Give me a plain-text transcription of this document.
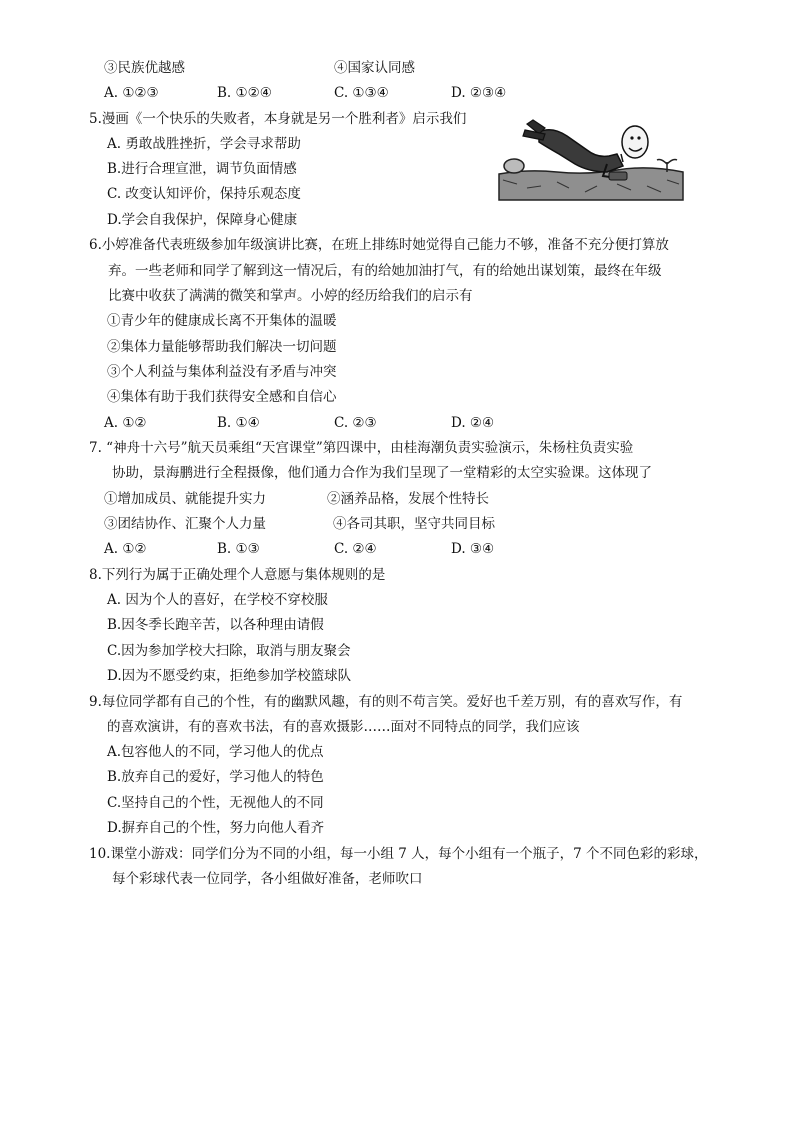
③民族优越感	④国家认同感
A. ①②③	B. ①②④	C. ①③④	D. ②③④
5.漫画《一个快乐的失败者，本身就是另一个胜利者》启示我们
A. 勇敢战胜挫折，学会寻求帮助
B.进行合理宣泄，调节负面情感
C. 改变认知评价，保持乐观态度
D.学会自我保护，保障身心健康
6.小婷准备代表班级参加年级演讲比赛，在班上排练时她觉得自己能力不够，准备不充分便打算放
弃。一些老师和同学了解到这一情况后，有的给她加油打气，有的给她出谋划策，最终在年级
比赛中收获了满满的微笑和掌声。小婷的经历给我们的启示有
①青少年的健康成长离不开集体的温暖
②集体力量能够帮助我们解决一切问题
③个人利益与集体利益没有矛盾与冲突
④集体有助于我们获得安全感和自信心
A. ①②	B. ①④	C. ②③	D. ②④
7. “神舟十六号”航天员乘组“天宫课堂”第四课中，由桂海潮负责实验演示，朱杨柱负责实验
协助，景海鹏进行全程摄像，他们通力合作为我们呈现了一堂精彩的太空实验课。这体现了
①增加成员、就能提升实力	②涵养品格，发展个性特长
③团结协作、汇聚个人力量	④各司其职，坚守共同目标
A. ①②	B. ①③	C. ②④	D. ③④
8.下列行为属于正确处理个人意愿与集体规则的是
A. 因为个人的喜好，在学校不穿校服
B.因冬季长跑辛苦，以各种理由请假
C.因为参加学校大扫除，取消与朋友聚会
D.因为不愿受约束，拒绝参加学校篮球队
9.每位同学都有自己的个性，有的幽默风趣，有的则不苟言笑。爱好也千差万别，有的喜欢写作，有
的喜欢演讲，有的喜欢书法，有的喜欢摄影……面对不同特点的同学，我们应该
A.包容他人的不同，学习他人的优点
B.放弃自己的爱好，学习他人的特色
C.坚持自己的个性，无视他人的不同
D.摒弃自己的个性，努力向他人看齐
10.课堂小游戏：同学们分为不同的小组，每一小组 7 人，每个小组有一个瓶子，7 个不同色彩的彩球，
每个彩球代表一位同学，各小组做好准备，老师吹口
